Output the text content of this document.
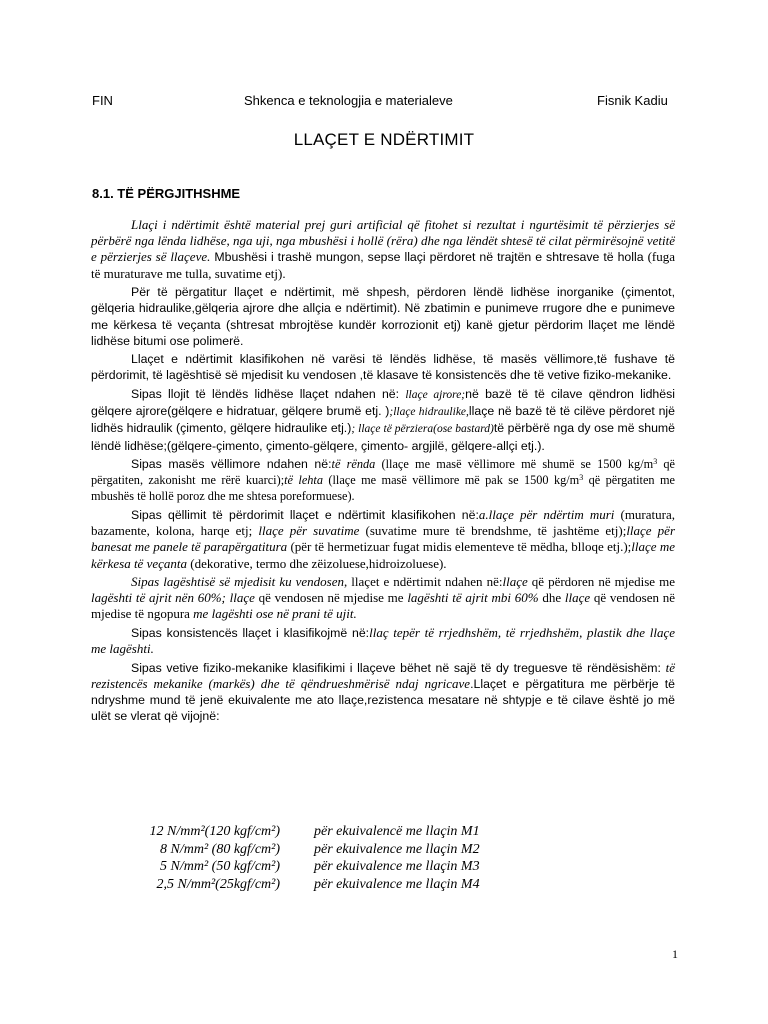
FIN	Shkenca e teknologjia e materialeve	Fisnik Kadiu
LLAÇET E NDËRTIMIT
8.1. TË PËRGJITHSHME

Llaçi i ndërtimit është material prej guri artificial që fitohet si rezultat i ngurtësimit të përzierjes së përbërë nga lënda lidhëse, nga uji, nga mbushësi i hollë (rëra) dhe nga lëndët shtesë të cilat përmirësojnë vetitë e përzierjes së llaçeve. Mbushësi i trashë mungon, sepse llaçi përdoret në trajtën e shtresave të holla (fuga të muraturave me tulla, suvatime etj).

Për të përgatitur llaçet e ndërtimit, më shpesh, përdoren lëndë lidhëse inorganike (çimentot, gëlqeria hidraulike,gëlqeria ajrore dhe allçia e ndërtimit). Në zbatimin e punimeve rrugore dhe e punimeve me kërkesa të veçanta (shtresat mbrojtëse kundër korrozionit etj) kanë gjetur përdorim llaçet me lëndë lidhëse bitumi ose polimerë.

Llaçet e ndërtimit klasifikohen në varësi të lëndës lidhëse, të masës vëllimore,të fushave të përdorimit, të lagështisë së mjedisit ku vendosen ,të klasave të konsistencës dhe të vetive fiziko-mekanike.

Sipas llojit të lëndës lidhëse llaçet ndahen në: llaçe ajrore;në bazë të të cilave qëndron lidhësi gëlqere ajrore(gëlqere e hidratuar, gëlqere brumë etj. );llaçe hidraulike,llaçe në bazë të të cilëve përdoret një lidhës hidraulik (çimento, gëlqere hidraulike etj.); llaçe të përziera(ose bastard)të përbërë nga dy ose më shumë lëndë lidhëse;(gëlqere-çimento, çimento-gëlqere, çimento- argjilë, gëlqere-allçi etj.).

Sipas masës vëllimore ndahen në:të rënda (llaçe me masë vëllimore më shumë se 1500 $kg/m^3$ që përgatiten, zakonisht me rërë kuarci);të lehta (llaçe me masë vëllimore më pak se 1500 $kg/m^3$ që përgatiten me mbushës të hollë poroz dhe me shtesa poreformuese).

Sipas qëllimit të përdorimit llaçet e ndërtimit klasifikohen në:a.llaçe për ndërtim muri (muratura, bazamente, kolona, harqe etj; llaçe për suvatime (suvatime mure të brendshme, të jashtëme etj);llaçe për banesat me panele të parapërgatitura (për të hermetizuar fugat midis elementeve të mëdha, blloqe etj.);llaçe me kërkesa të veçanta (dekorative, termo dhe zëizoluese,hidroizoluese).

Sipas lagështisë së mjedisit ku vendosen, llaçet e ndërtimit ndahen në:llaçe që përdoren në mjedise me lagështi të ajrit nën 60%; llaçe që vendosen në mjedise me lagështi të ajrit mbi 60% dhe llaçe që vendosen në mjedise të ngopura me lagështi ose në prani të ujit.

Sipas konsistencës llaçet i klasifikojmë në:llaç tepër të rrjedhshëm, të rrjedhshëm, plastik dhe llaçe me lagështi.

Sipas vetive fiziko-mekanike klasifikimi i llaçeve bëhet në sajë të dy treguesve të rëndësishëm: të rezistencës mekanike (markës) dhe të qëndrueshmërisë ndaj ngricave.Llaçet e përgatitura me përbërje të ndryshme mund të jenë ekuivalente me ato llaçe,rezistenca mesatare në shtypje e të cilave është jo më ulët se vlerat që vijojnë:

12 N/mm²(120 kgf/cm²) për ekuivalencë me llaçin M1
8 N/mm² (80 kgf/cm²) për ekuivalence me llaçin M2
5 N/mm² (50 kgf/cm²) për ekuivalence me llaçin M3
2,5 N/mm²(25kgf/cm²) për ekuivalence me llaçin M4
1
